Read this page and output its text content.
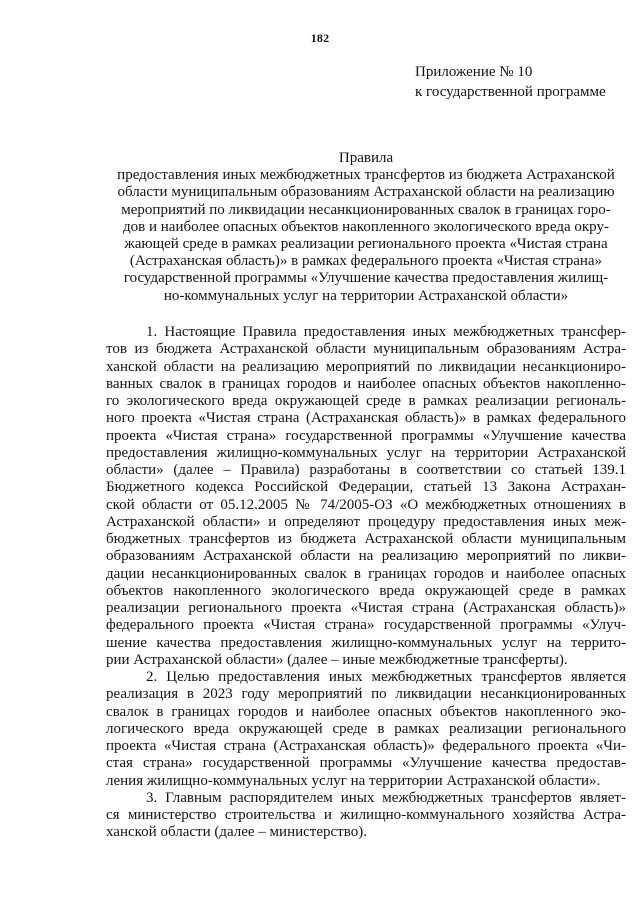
182
Приложение № 10
к государственной программе
Правила
предоставления иных межбюджетных трансфертов из бюджета Астраханской
области муниципальным образованиям Астраханской области на реализацию
мероприятий по ликвидации несанкционированных свалок в границах горо-
дов и наиболее опасных объектов накопленного экологического вреда окру-
жающей среде в рамках реализации регионального проекта «Чистая страна
(Астраханская область)» в рамках федерального проекта «Чистая страна»
государственной программы «Улучшение качества предоставления жилищ-
но-коммунальных услуг на территории Астраханской области»
1. Настоящие Правила предоставления иных межбюджетных трансфер-
тов из бюджета Астраханской области муниципальным образованиям Астра-
ханской области на реализацию мероприятий по ликвидации несанкциониро-
ванных свалок в границах городов и наиболее опасных объектов накопленно-
го экологического вреда окружающей среде в рамках реализации региональ-
ного проекта «Чистая страна (Астраханская область)» в рамках федерального
проекта «Чистая страна» государственной программы «Улучшение качества
предоставления жилищно-коммунальных услуг на территории Астраханской
области» (далее – Правила) разработаны в соответствии со статьей 139.1
Бюджетного кодекса Российской Федерации, статьей 13 Закона Астрахан-
ской области от 05.12.2005 № 74/2005-ОЗ «О межбюджетных отношениях в
Астраханской области» и определяют процедуру предоставления иных меж-
бюджетных трансфертов из бюджета Астраханской области муниципальным
образованиям Астраханской области на реализацию мероприятий по ликви-
дации несанкционированных свалок в границах городов и наиболее опасных
объектов накопленного экологического вреда окружающей среде в рамках
реализации регионального проекта «Чистая страна (Астраханская область)»
федерального проекта «Чистая страна» государственной программы «Улуч-
шение качества предоставления жилищно-коммунальных услуг на террито-
рии Астраханской области» (далее – иные межбюджетные трансферты).
2. Целью предоставления иных межбюджетных трансфертов является
реализация в 2023 году мероприятий по ликвидации несанкционированных
свалок в границах городов и наиболее опасных объектов накопленного эко-
логического вреда окружающей среде в рамках реализации регионального
проекта «Чистая страна (Астраханская область)» федерального проекта «Чи-
стая страна» государственной программы «Улучшение качества предостав-
ления жилищно-коммунальных услуг на территории Астраханской области».
3. Главным распорядителем иных межбюджетных трансфертов являет-
ся министерство строительства и жилищно-коммунального хозяйства Астра-
ханской области (далее – министерство).
